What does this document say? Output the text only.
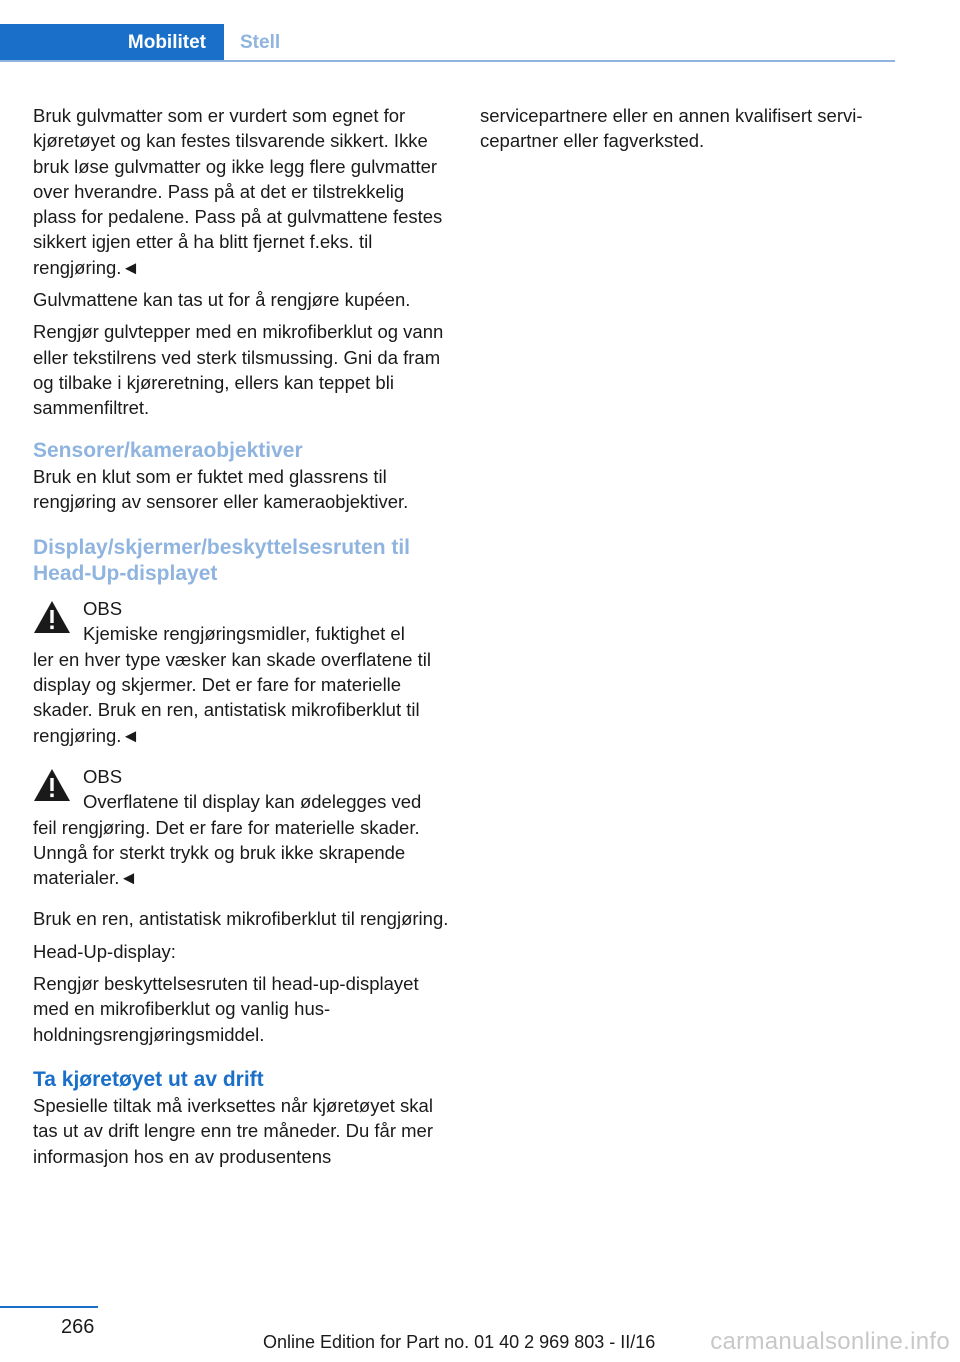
Mobilitet	Stell

Bruk gulvmatter som er vurdert som egnet for kjøretøyet og kan festes tilsvarende sikkert. Ikke bruk løse gulvmatter og ikke legg flere gulvmatter over hverandre. Pass på at det er tilstrekkelig plass for pedalene. Pass på at gulvmattene festes sikkert igjen etter å ha blitt fjernet f.eks. til rengjøring.◄

Gulvmattene kan tas ut for å rengjøre kupéen.

Rengjør gulvtepper med en mikrofiberklut og vann eller tekstilrens ved sterk tilsmussing. Gni da fram og tilbake i kjøreretning, ellers kan teppet bli sammenfiltret.

Sensorer/kameraobjektiver

Bruk en klut som er fuktet med glassrens til rengjøring av sensorer eller kameraobjektiver.

Display/skjermer/beskyttelsesruten til Head-Up-displayet
OBS
Kjemiske rengjøringsmidler, fuktighet el
ler en hver type væsker kan skade overflatene til display og skjermer. Det er fare for materielle skader. Bruk en ren, antistatisk mikrofiberklut til rengjøring.◄
OBS
Overflatene til display kan ødelegges ved
feil rengjøring. Det er fare for materielle skader. Unngå for sterkt trykk og bruk ikke skrapende materialer.◄

Bruk en ren, antistatisk mikrofiberklut til rengjøring.

Head-Up-display:

Rengjør beskyttelsesruten til head-up-displayet med en mikrofiberklut og vanlig husholdningsrengjøringsmiddel.

Ta kjøretøyet ut av drift

Spesielle tiltak må iverksettes når kjøretøyet skal tas ut av drift lengre enn tre måneder. Du får mer informasjon hos en av produsentens

servicepartnere eller en annen kvalifisert servicepartner eller fagverksted.

266
Online Edition for Part no. 01 40 2 969 803 - II/16 carmanualsonline.info
